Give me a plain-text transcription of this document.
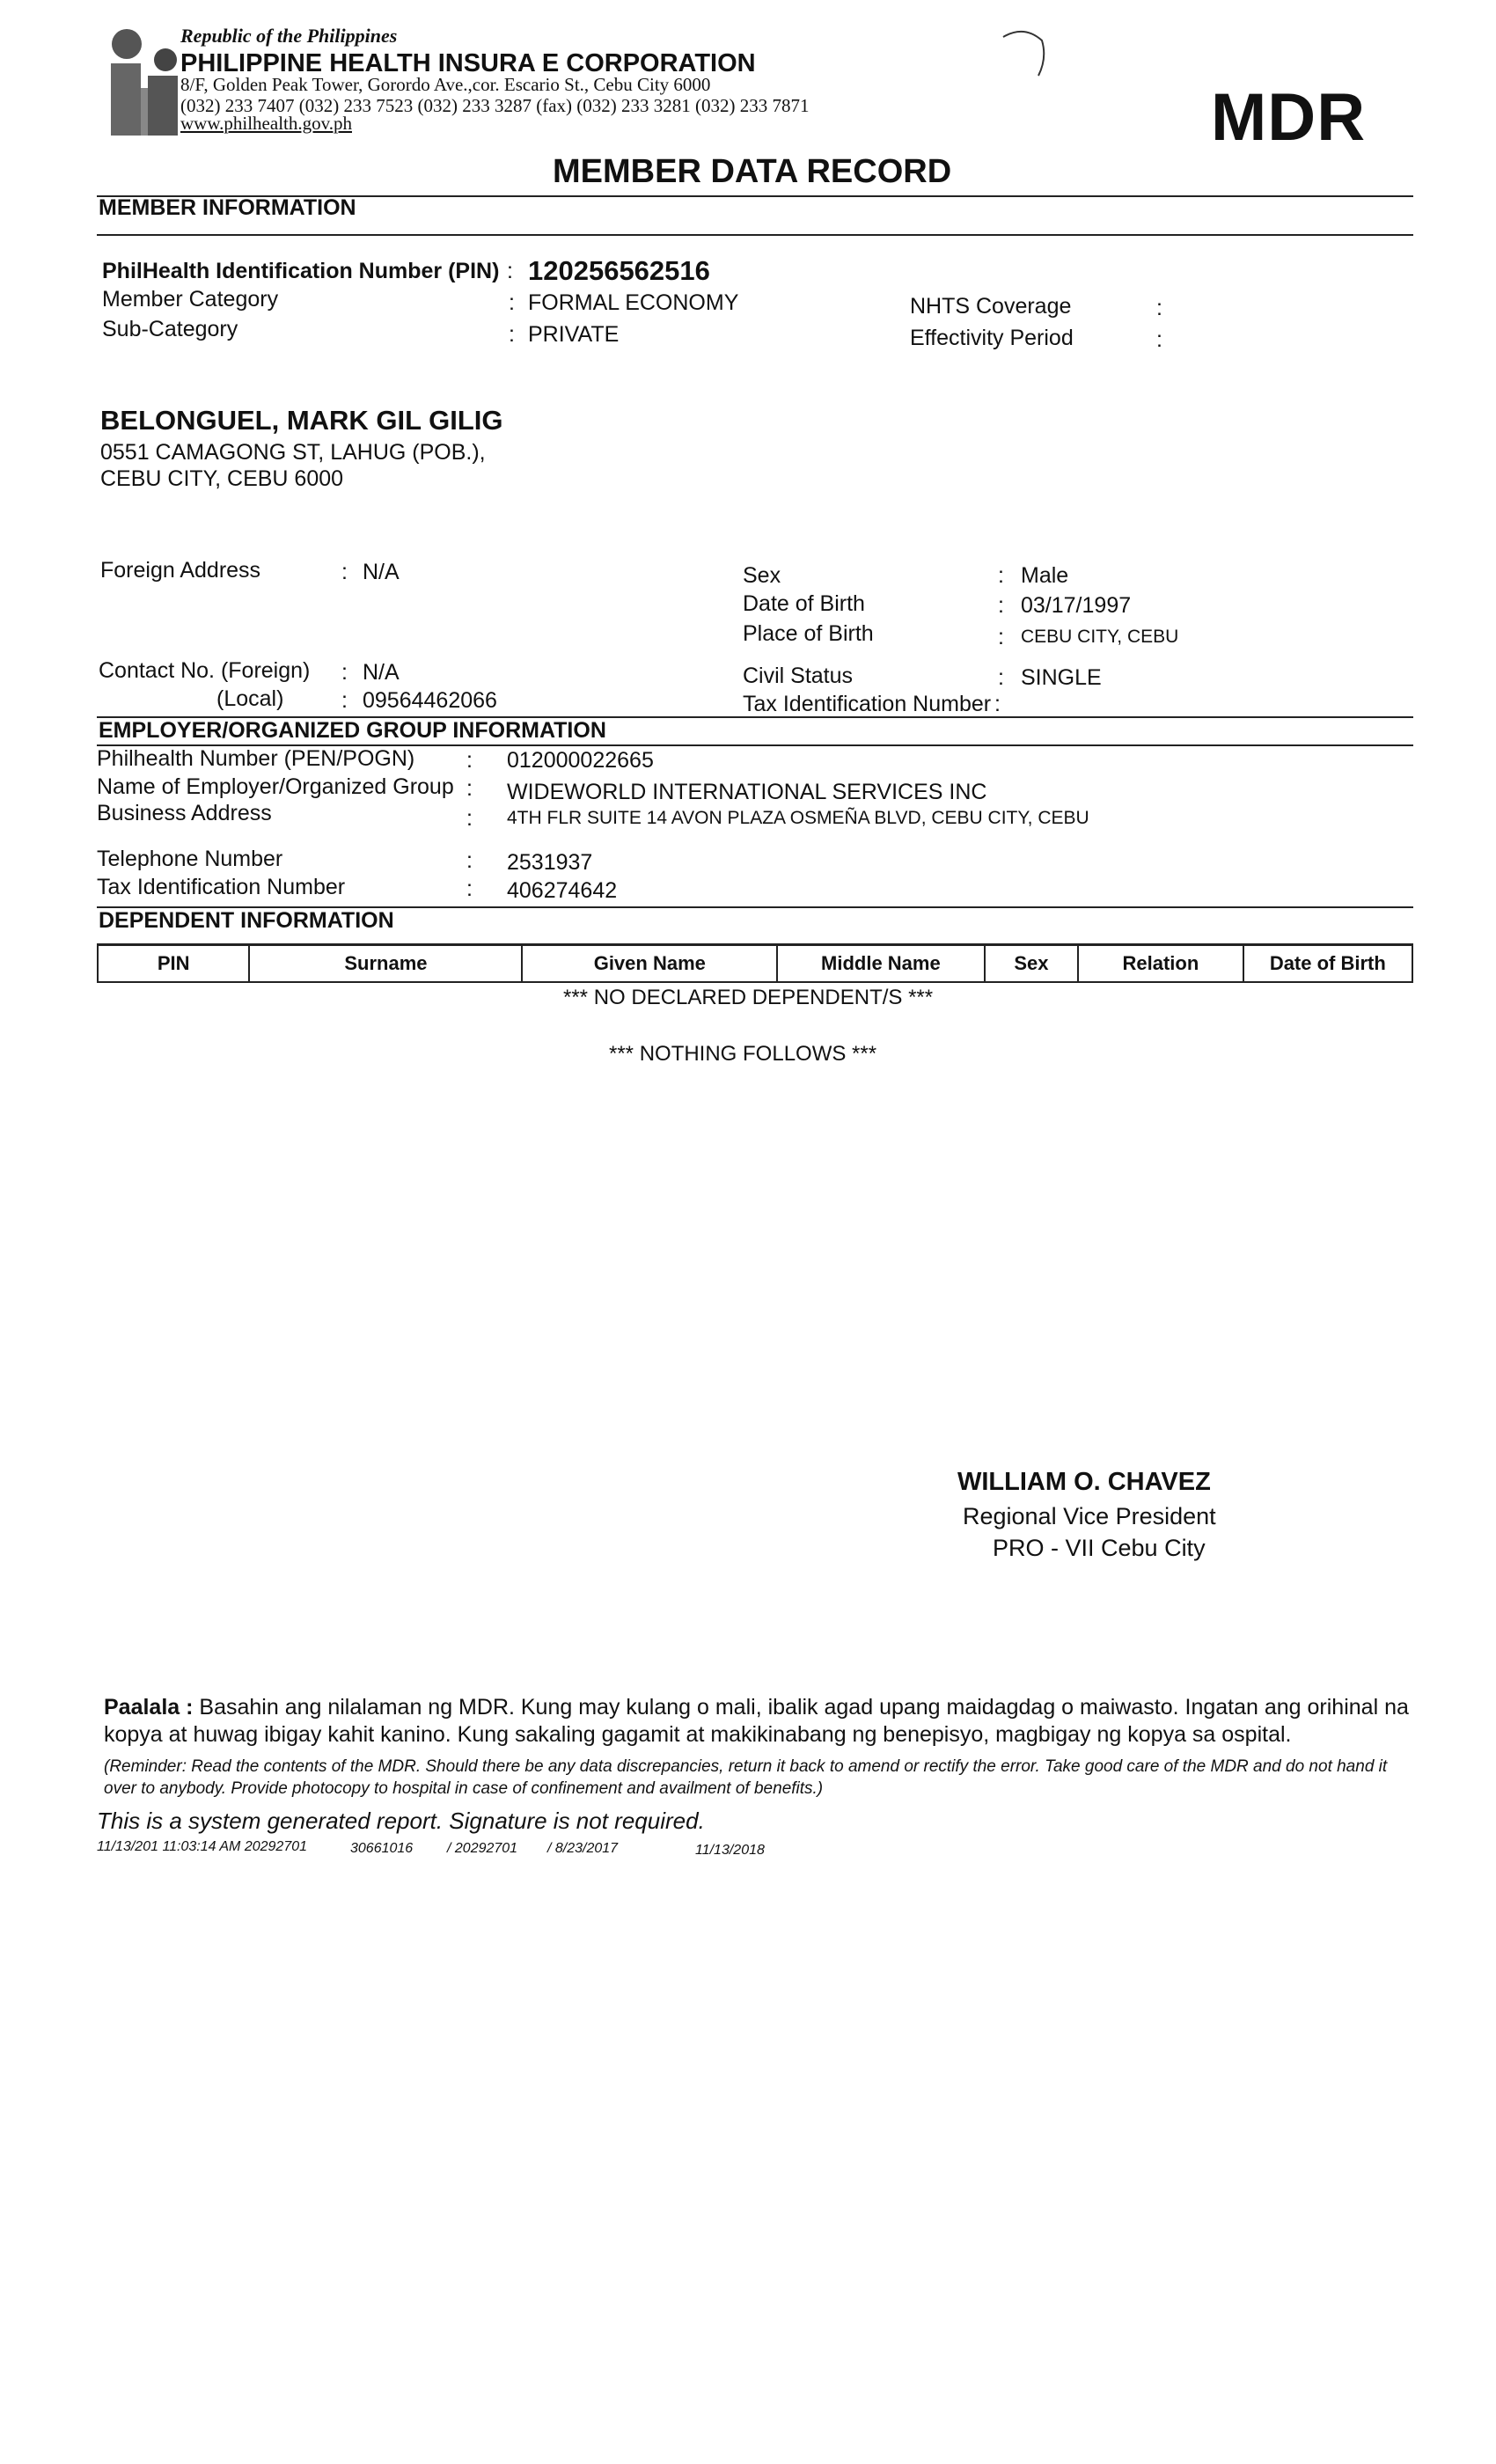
Republic of the Philippines
PHILIPPINE HEALTH INSURA E CORPORATION
8/F, Golden Peak Tower, Gorordo Ave.,cor. Escario St., Cebu City 6000
(032) 233 7407 (032) 233 7523 (032) 233 3287 (fax) (032) 233 3281 (032) 233 7871
www.philhealth.gov.ph	MDR
MEMBER DATA RECORD
MEMBER INFORMATION
PhilHealth Identification Number (PIN) : 120256562516
Member Category	: FORMAL ECONOMY
Sub-Category	: PRIVATE
NHTS Coverage	:
Effectivity Period	:
BELONGUEL, MARK GIL GILIG
0551 CAMAGONG ST, LAHUG (POB.),
CEBU CITY, CEBU 6000
Foreign Address	: N/A	Sex	: Male
Date of Birth	: 03/17/1997
Place of Birth	: CEBU CITY, CEBU
Contact No. (Foreign) : N/A
(Local)	: 09564462066
Civil Status	: SINGLE
Tax Identification Number :
EMPLOYER/ORGANIZED GROUP INFORMATION
Philhealth Number (PEN/POGN) : 012000022665
Name of Employer/Organized Group : WIDEWORLD INTERNATIONAL SERVICES INC
Business Address	: 4TH FLR SUITE 14 AVON PLAZA OSMEÑA BLVD, CEBU CITY, CEBU
Telephone Number	: 2531937
Tax Identification Number	: 406274642
DEPENDENT INFORMATION
PIN	Surname	Given Name	Middle Name	Sex	Relation	Date of Birth
*** NO DECLARED DEPENDENT/S ***
*** NOTHING FOLLOWS ***
WILLIAM O. CHAVEZ
Regional Vice President
PRO - VII Cebu City
Paalala : Basahin ang nilalaman ng MDR. Kung may kulang o mali, ibalik agad upang maidagdag o maiwasto. Ingatan ang orihinal na kopya at huwag ibigay kahit kanino. Kung sakaling gagamit at makikinabang ng benepisyo, magbigay ng kopya sa ospital.
(Reminder: Read the contents of the MDR. Should there be any data discrepancies, return it back to amend or rectify the error. Take good care of the MDR and do not hand it over to anybody. Provide photocopy to hospital in case of confinement and availment of benefits.)
This is a system generated report. Signature is not required.
11/13/201 11:03:14 AM 20292701	30661016 / 20292701 / 8/23/2017	11/13/2018
